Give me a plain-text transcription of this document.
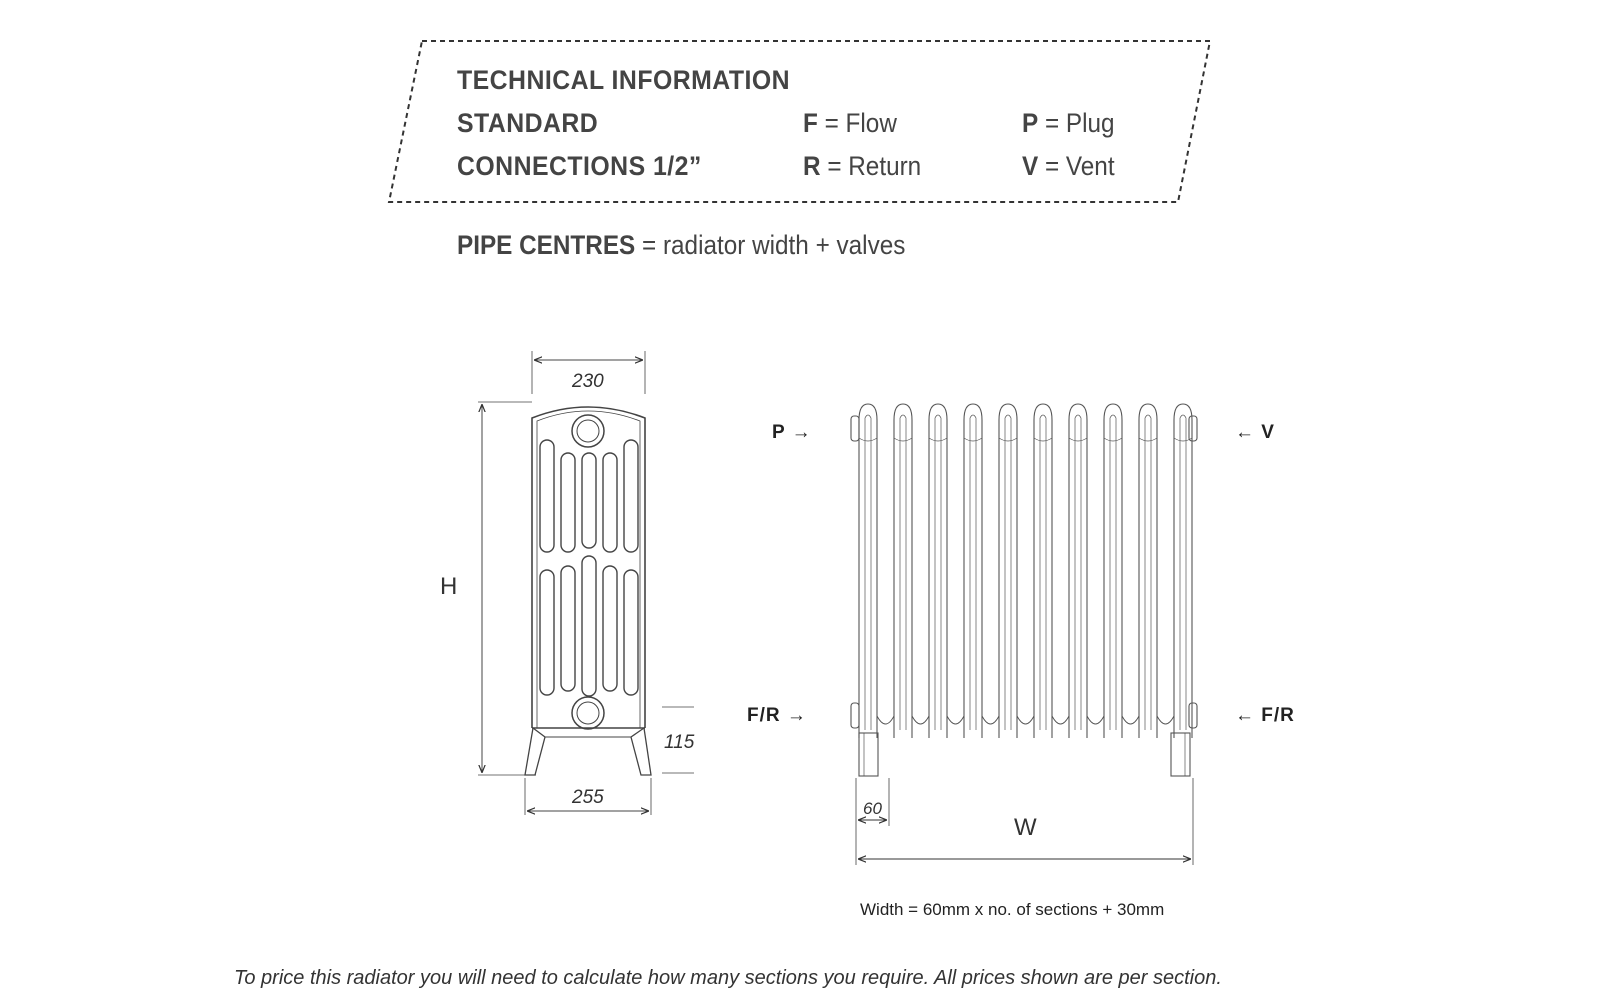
TECHNICAL INFORMATION
STANDARD
CONNECTIONS 1/2”
F = Flow
R = Return
P = Plug
V = Vent
PIPE CENTRES = radiator width + valves
230
H
115
255
P →	← V
F/R →	← F/R
60
W
Width = 60mm x no. of sections + 30mm
To price this radiator you will need to calculate how many sections you require. All prices shown are per section.
